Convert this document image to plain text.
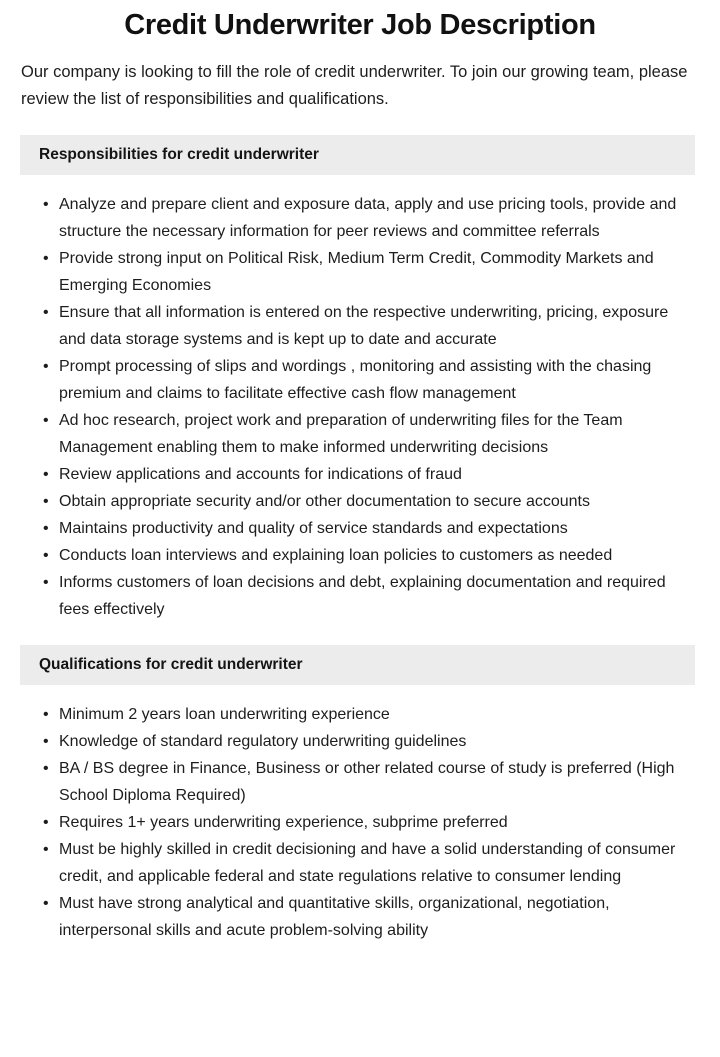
Credit Underwriter Job Description

Our company is looking to fill the role of credit underwriter. To join our growing team, please review the list of responsibilities and qualifications.

Responsibilities for credit underwriter
• Analyze and prepare client and exposure data, apply and use pricing tools, provide and structure the necessary information for peer reviews and committee referrals
• Provide strong input on Political Risk, Medium Term Credit, Commodity Markets and Emerging Economies
• Ensure that all information is entered on the respective underwriting, pricing, exposure and data storage systems and is kept up to date and accurate
• Prompt processing of slips and wordings , monitoring and assisting with the chasing premium and claims to facilitate effective cash flow management
• Ad hoc research, project work and preparation of underwriting files for the Team Management enabling them to make informed underwriting decisions
• Review applications and accounts for indications of fraud
• Obtain appropriate security and/or other documentation to secure accounts
• Maintains productivity and quality of service standards and expectations
• Conducts loan interviews and explaining loan policies to customers as needed
• Informs customers of loan decisions and debt, explaining documentation and required fees effectively
Qualifications for credit underwriter
• Minimum 2 years loan underwriting experience
• Knowledge of standard regulatory underwriting guidelines
• BA / BS degree in Finance, Business or other related course of study is preferred (High School Diploma Required)
• Requires 1+ years underwriting experience, subprime preferred
• Must be highly skilled in credit decisioning and have a solid understanding of consumer credit, and applicable federal and state regulations relative to consumer lending
• Must have strong analytical and quantitative skills, organizational, negotiation, interpersonal skills and acute problem-solving ability
